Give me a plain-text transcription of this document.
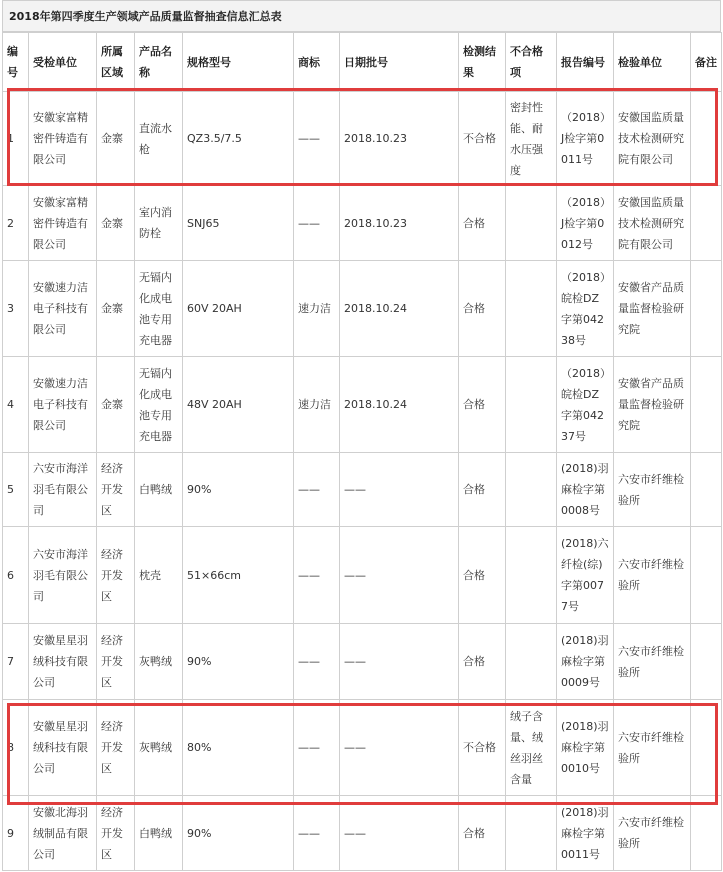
2018年第四季度生产领域产品质量监督抽查信息汇总表
编号	受检单位	所属区域	产品名称	规格型号	商标	日期批号	检测结果	不合格项	报告编号	检验单位	备注
1	安徽家富精密件铸造有限公司	金寨	直流水枪	QZ3.5/7.5	——	2018.10.23	不合格	密封性能、耐水压强度	（2018）J检字第0011号	安徽国监质量技术检测研究院有限公司	
2	安徽家富精密件铸造有限公司	金寨	室内消防栓	SNJ65	——	2018.10.23	合格		（2018）J检字第0012号	安徽国监质量技术检测研究院有限公司	
3	安徽速力洁电子科技有限公司	金寨	无镉内化成电池专用充电器	60V 20AH	速力洁	2018.10.24	合格		（2018）皖检DZ字第04238号	安徽省产品质量监督检验研究院	
4	安徽速力洁电子科技有限公司	金寨	无镉内化成电池专用充电器	48V 20AH	速力洁	2018.10.24	合格		（2018）皖检DZ字第04237号	安徽省产品质量监督检验研究院	
5	六安市海洋羽毛有限公司	经济开发区	白鸭绒	90%	——	——	合格		(2018)羽麻检字第0008号	六安市纤维检验所	
6	六安市海洋羽毛有限公司	经济开发区	枕壳	51×66cm	——	——	合格		(2018)六纤检(综)字第0077号	六安市纤维检验所	
7	安徽星星羽绒科技有限公司	经济开发区	灰鸭绒	90%	——	——	合格		(2018)羽麻检字第0009号	六安市纤维检验所	
8	安徽星星羽绒科技有限公司	经济开发区	灰鸭绒	80%	——	——	不合格	绒子含量、绒丝羽丝含量	(2018)羽麻检字第0010号	六安市纤维检验所	
9	安徽北海羽绒制品有限公司	经济开发区	白鸭绒	90%	——	——	合格		(2018)羽麻检字第0011号	六安市纤维检验所	
